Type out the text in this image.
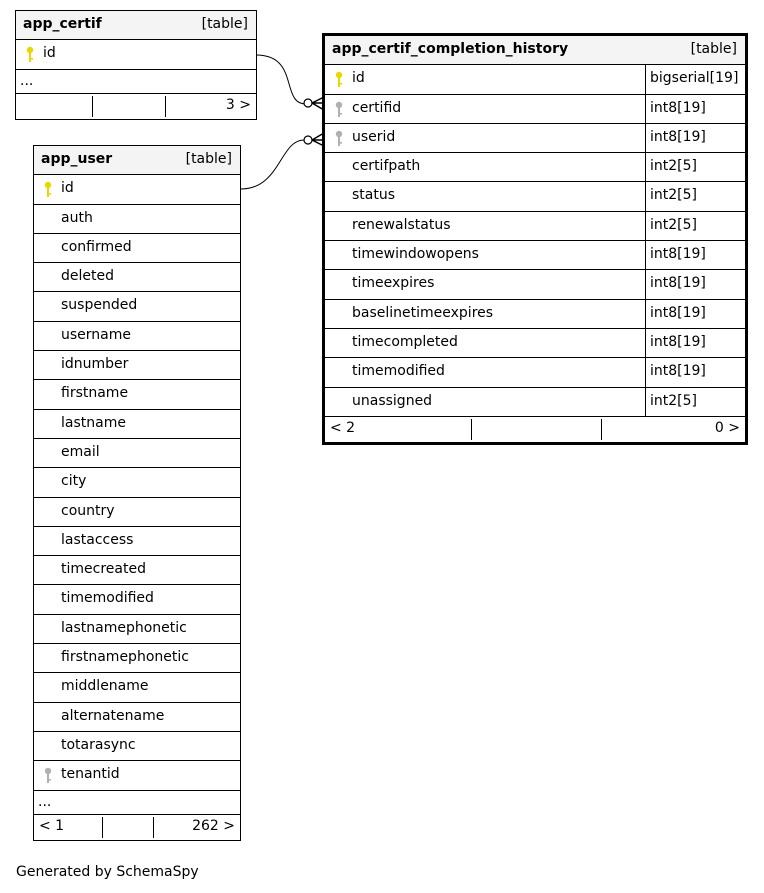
app_certif	[table]
id
...
3 >
app_user	[table]
id
auth
confirmed
deleted
suspended
username
idnumber
firstname
lastname
email
city
country
lastaccess
timecreated
timemodified
lastnamephonetic
firstnamephonetic
middlename
alternatename
totarasync
tenantid
...
< 1	262 >
app_certif_completion_history	[table]
id	bigserial[19]
certifid	int8[19]
userid	int8[19]
certifpath	int2[5]
status	int2[5]
renewalstatus	int2[5]
timewindowopens	int8[19]
timeexpires	int8[19]
baselinetimeexpires	int8[19]
timecompleted	int8[19]
timemodified	int8[19]
unassigned	int2[5]
< 2	0 >
Generated by SchemaSpy
